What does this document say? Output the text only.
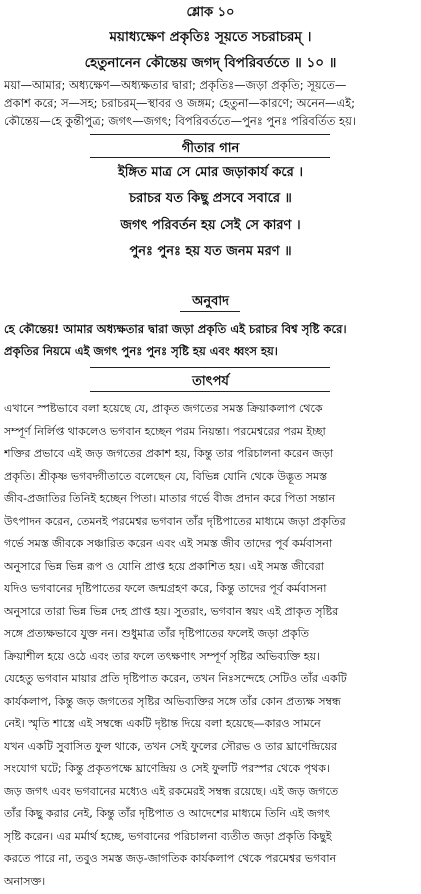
শ্লোক ১০
ময়াধ্যক্ষেণ প্রকৃতিঃ সূয়তে সচরাচরম্ ।
হেতুনানেন কৌন্তেয় জগদ্ বিপরিবর্ততে ॥ ১০ ॥
ময়া—আমার; অধ্যক্ষেণ—অধ্যক্ষতার দ্বারা; প্রকৃতিঃ—জড়া প্রকৃতি; সূয়তে—
প্রকাশ করে; স—সহ; চরাচরম্—স্থাবর ও জঙ্গম; হেতুনা—কারণে; অনেন—এই;
কৌন্তেয়—হে কুন্তীপুত্র; জগৎ—জগৎ; বিপরিবর্ততে—পুনঃ পুনঃ পরিবর্তিত হয়।
গীতার গান
ইঙ্গিত মাত্র সে মোর জড়াকার্য করে ।
চরাচর যত কিছু প্রসবে সবারে ॥
জগৎ পরিবর্তন হয় সেই সে কারণ ।
পুনঃ পুনঃ হয় যত জনম মরণ ॥
অনুবাদ
হে কৌন্তেয়! আমার অধ্যক্ষতার দ্বারা জড়া প্রকৃতি এই চরাচর বিশ্ব সৃষ্টি করে।
প্রকৃতির নিয়মে এই জগৎ পুনঃ পুনঃ সৃষ্টি হয় এবং ধ্বংস হয়।
তাৎপর্য
এখানে স্পষ্টভাবে বলা হয়েছে যে, প্রাকৃত জগতের সমস্ত ক্রিয়াকলাপ থেকে
সম্পূর্ণ নির্লিপ্ত থাকলেও ভগবান হচ্ছেন পরম নিয়ন্তা। পরমেশ্বরের পরম ইচ্ছা
শক্তির প্রভাবে এই জড় জগতের প্রকাশ হয়, কিন্তু তার পরিচালনা করেন জড়া
প্রকৃতি। শ্রীকৃষ্ণ ভগবদ্গীতাতে বলেছেন যে, বিভিন্ন যোনি থেকে উদ্ভূত সমস্ত
জীব-প্রজাতির তিনিই হচ্ছেন পিতা। মাতার গর্ভে বীজ প্রদান করে পিতা সন্তান
উৎপাদন করেন, তেমনই পরমেশ্বর ভগবান তাঁর দৃষ্টিপাতের মাধ্যমে জড়া প্রকৃতির
গর্ভে সমস্ত জীবকে সঞ্চারিত করেন এবং এই সমস্ত জীব তাদের পূর্ব কর্মবাসনা
অনুসারে ভিন্ন ভিন্ন রূপ ও যোনি প্রাপ্ত হয়ে প্রকাশিত হয়। এই সমস্ত জীবেরা
যদিও ভগবানের দৃষ্টিপাতের ফলে জন্মগ্রহণ করে, কিন্তু তাদের পূর্ব কর্মবাসনা
অনুসারে তারা ভিন্ন ভিন্ন দেহ প্রাপ্ত হয়। সুতরাং, ভগবান স্বয়ং এই প্রাকৃত সৃষ্টির
সঙ্গে প্রত্যক্ষভাবে যুক্ত নন। শুধুমাত্র তাঁর দৃষ্টিপাতের ফলেই জড়া প্রকৃতি
ক্রিয়াশীল হয়ে ওঠে এবং তার ফলে তৎক্ষণাৎ সম্পূর্ণ সৃষ্টির অভিব্যক্তি হয়।
যেহেতু ভগবান মায়ার প্রতি দৃষ্টিপাত করেন, তখন নিঃসন্দেহে সেটিও তাঁর একটি
কার্যকলাপ, কিন্তু জড় জগতের সৃষ্টির অভিব্যক্তির সঙ্গে তাঁর কোন প্রত্যক্ষ সম্বন্ধ
নেই। স্মৃতি শাস্ত্রে এই সম্বন্ধে একটি দৃষ্টান্ত দিয়ে বলা হয়েছে—কারও সামনে
যখন একটি সুবাসিত ফুল থাকে, তখন সেই ফুলের সৌরভ ও তার ঘ্রাণেন্দ্রিয়ের
সংযোগ ঘটে; কিন্তু প্রকৃতপক্ষে ঘ্রাণেন্দ্রিয় ও সেই ফুলটি পরস্পর থেকে পৃথক।
জড় জগৎ এবং ভগবানের মধ্যেও এই রকমেরই সম্বন্ধ রয়েছে। এই জড় জগতে
তাঁর কিছু করার নেই, কিন্তু তাঁর দৃষ্টিপাত ও আদেশের মাধ্যমে তিনি এই জগৎ
সৃষ্টি করেন। এর মর্মার্থ হচ্ছে, ভগবানের পরিচালনা ব্যতীত জড়া প্রকৃতি কিছুই
করতে পারে না, তবুও সমস্ত জড়-জাগতিক কার্যকলাপ থেকে পরমেশ্বর ভগবান
অনাসক্ত।
